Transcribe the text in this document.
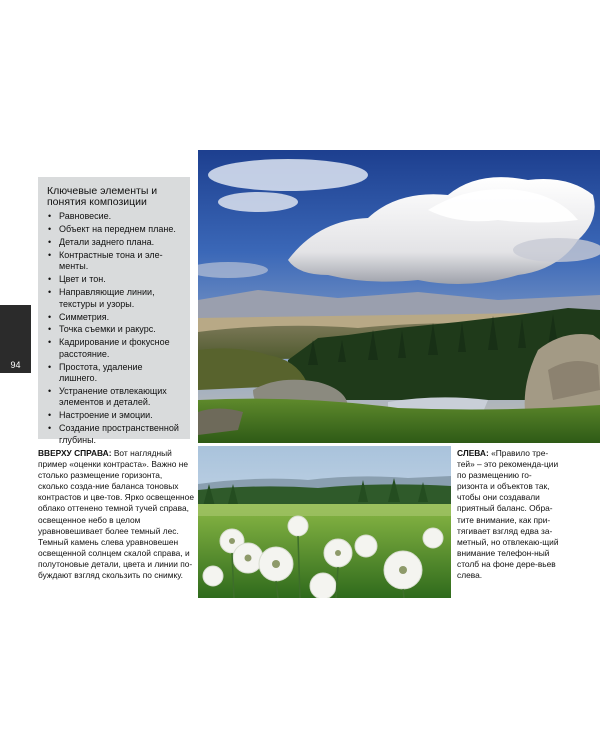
94
Ключевые элементы и понятия композиции
• Равновесие.
• Объект на переднем плане.
• Детали заднего плана.
• Контрастные тона и эле-менты.
• Цвет и тон.
• Направляющие линии, текстуры и узоры.
• Симметрия.
• Точка съемки и ракурс.
• Кадрирование и фокусное расстояние.
• Простота, удаление лишнего.
• Устранение отвлекающих элементов и деталей.
• Настроение и эмоции.
• Создание пространственной глубины.
ВВЕРХУ СПРАВА: Вот наглядный пример «оценки контраста». Важно не столько размещение горизонта, сколько созда-ние баланса тоновых контрастов и цве-тов. Ярко освещенное облако оттенено темной тучей справа, освещенное небо в целом уравновешивает более темный лес. Темный камень слева уравновешен освещенной солнцем скалой справа, и полутоновые детали, цвета и линии по-буждают взгляд скользить по снимку.
СЛЕВА: «Правило тре-тей» – это рекоменда-ции по размещению го-ризонта и объектов так, чтобы они создавали приятный баланс. Обра-тите внимание, как при-тягивает взгляд едва за-метный, но отвлекаю-щий внимание телефон-ный столб на фоне дере-вьев слева.
